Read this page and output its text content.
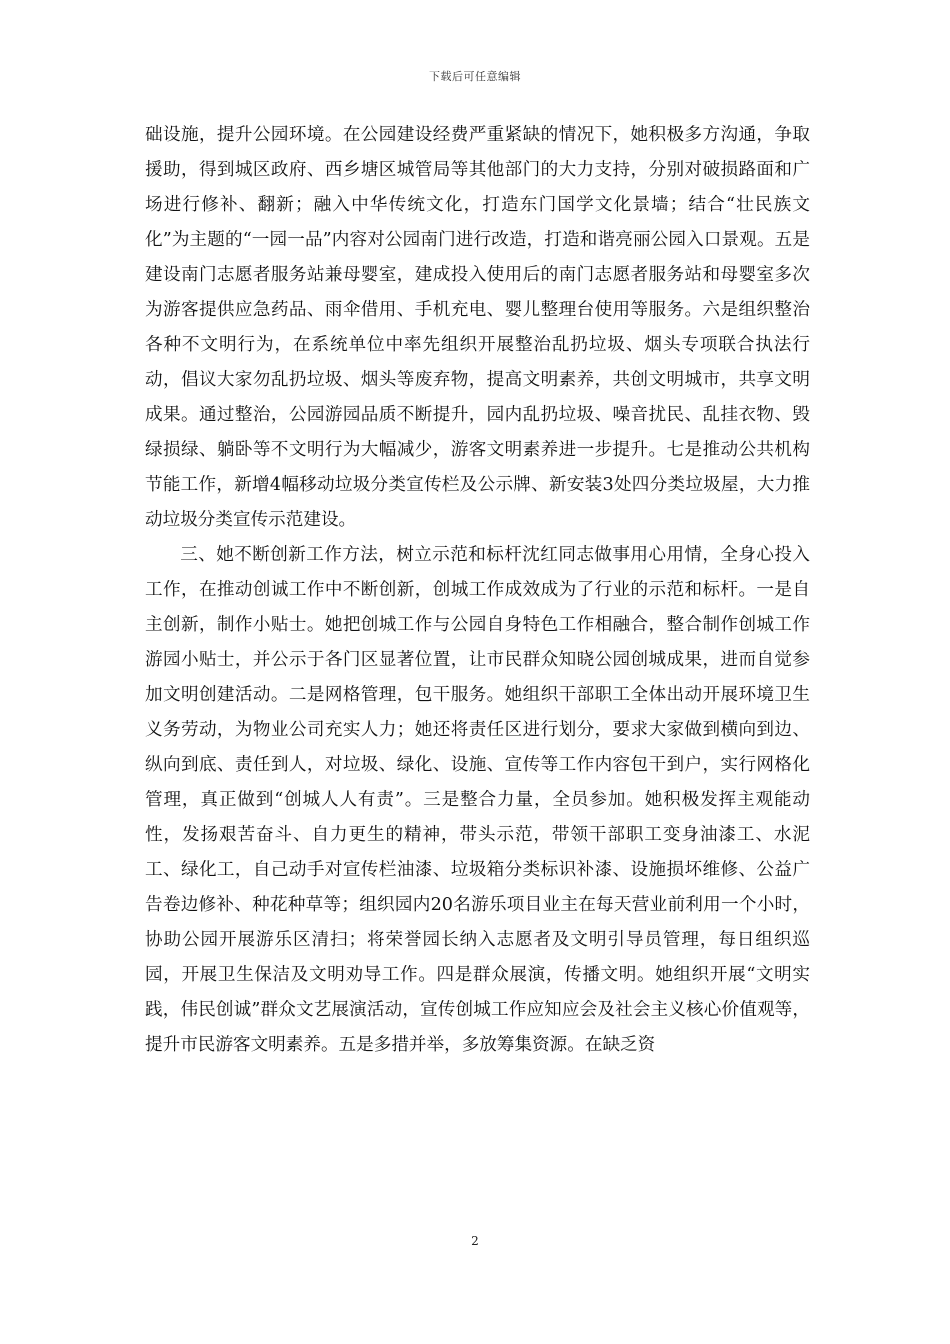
下载后可任意编辑

础设施，提升公园环境。在公园建设经费严重紧缺的情况下，她积极多方沟通，争取援助，得到城区政府、西乡塘区城管局等其他部门的大力支持，分别对破损路面和广场进行修补、翻新；融入中华传统文化，打造东门国学文化景墙；结合“壮民族文化”为主题的“一园一品”内容对公园南门进行改造，打造和谐亮丽公园入口景观。五是建设南门志愿者服务站兼母婴室，建成投入使用后的南门志愿者服务站和母婴室多次为游客提供应急药品、雨伞借用、手机充电、婴儿整理台使用等服务。六是组织整治各种不文明行为，在系统单位中率先组织开展整治乱扔垃圾、烟头专项联合执法行动，倡议大家勿乱扔垃圾、烟头等废弃物，提高文明素养，共创文明城市，共享文明成果。通过整治，公园游园品质不断提升，园内乱扔垃圾、噪音扰民、乱挂衣物、毁绿损绿、躺卧等不文明行为大幅减少，游客文明素养进一步提升。七是推动公共机构节能工作，新增4幅移动垃圾分类宣传栏及公示牌、新安装3处四分类垃圾屋，大力推动垃圾分类宣传示范建设。

三、她不断创新工作方法，树立示范和标杆沈红同志做事用心用情，全身心投入工作，在推动创诚工作中不断创新，创城工作成效成为了行业的示范和标杆。一是自主创新，制作小贴士。她把创城工作与公园自身特色工作相融合，整合制作创城工作游园小贴士，并公示于各门区显著位置，让市民群众知晓公园创城成果，进而自觉参加文明创建活动。二是网格管理，包干服务。她组织干部职工全体出动开展环境卫生义务劳动，为物业公司充实人力；她还将责任区进行划分，要求大家做到横向到边、纵向到底、责任到人，对垃圾、绿化、设施、宣传等工作内容包干到户，实行网格化管理，真正做到“创城人人有责”。三是整合力量，全员参加。她积极发挥主观能动性，发扬艰苦奋斗、自力更生的精神，带头示范，带领干部职工变身油漆工、水泥工、绿化工，自己动手对宣传栏油漆、垃圾箱分类标识补漆、设施损坏维修、公益广告卷边修补、种花种草等；组织园内20名游乐项目业主在每天营业前利用一个小时，协助公园开展游乐区清扫；将荣誉园长纳入志愿者及文明引导员管理，每日组织巡园，开展卫生保洁及文明劝导工作。四是群众展演，传播文明。她组织开展“文明实践，伟民创诚”群众文艺展演活动，宣传创城工作应知应会及社会主义核心价值观等，提升市民游客文明素养。五是多措并举，多放筹集资源。在缺乏资

2
